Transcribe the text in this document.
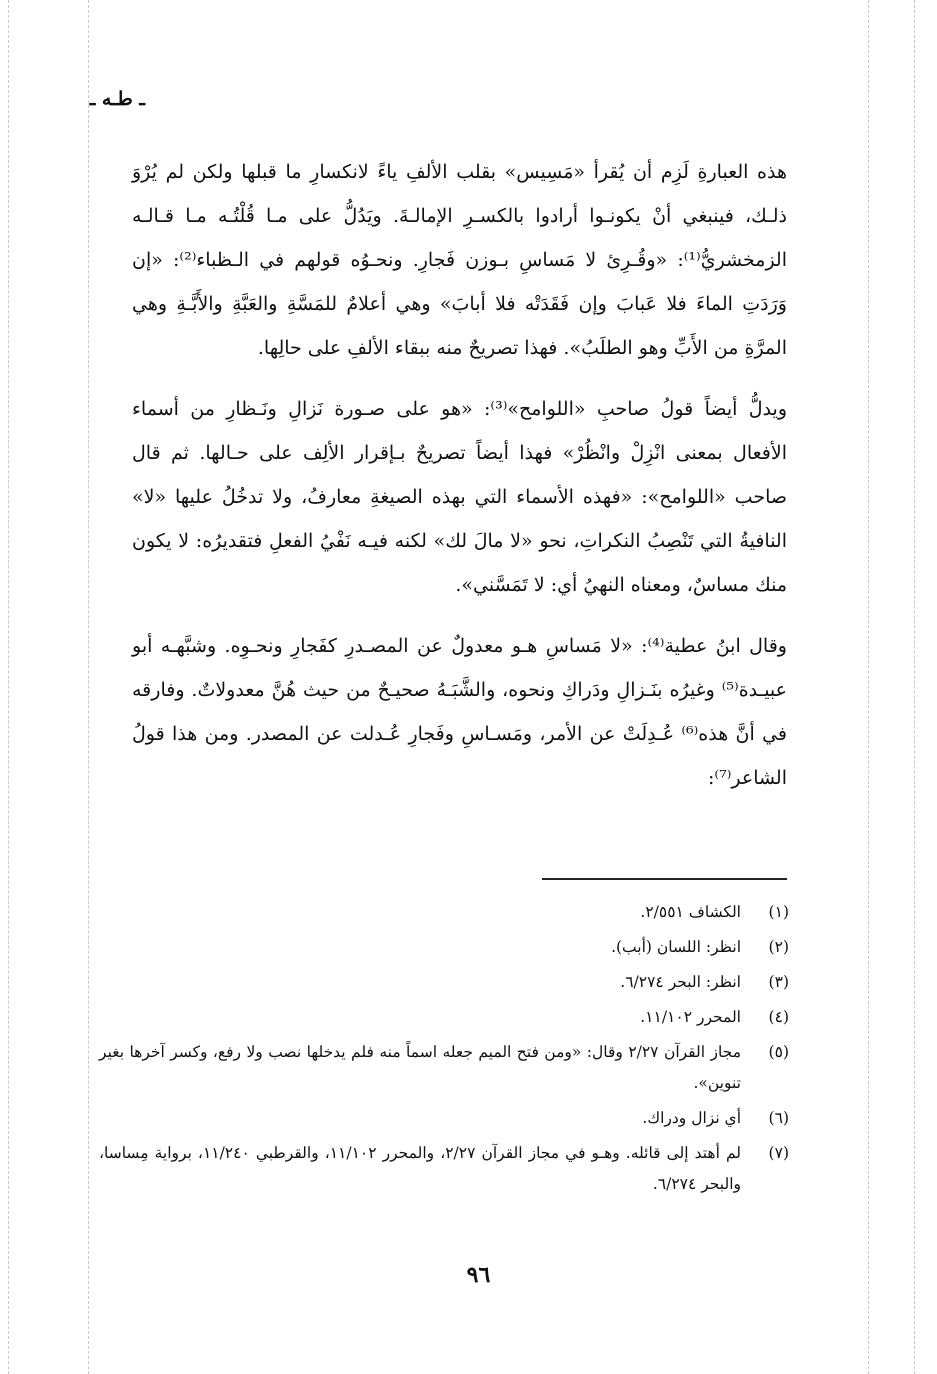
ـ طـه ـ

هذه العبارةِ لَزِم أن يُقرأ «مَسِيس» بقلب الألفِ ياءً لانكسارِ ما قبلها ولكن لم يُرْوَ ذلـك، فينبغي أنْ يكونـوا أرادوا بالكسـرِ الإمالـةَ. ويَدُلُّ على مـا قُلْتُـه مـا قـالـه الزمخشريُّ⁽¹⁾: «وقُـرِئ لا مَساسِ بـوزن فَجارِ. ونحـوُه قولهم في الـظباء⁽²⁾: «إن وَرَدَتِ الماءَ فلا عَبابَ وإن فَقَدَتْه فلا أبابَ» وهي أعلامٌ للمَسَّةِ والعَبَّةِ والأَبَّـةِ وهي المرَّةِ من الأَبِّ وهو الطلَبُ». فهذا تصريحٌ منه ببقاء الألفِ على حالِها.

ويدلُّ أيضاً قولُ صاحبِ «اللوامح»⁽³⁾: «هو على صـورة نَزالِ ونَـظارِ من أسماء الأفعال بمعنى انْزِلْ وانْظُرْ» فهذا أيضاً تصريحٌ بـإقرار الألِف على حـالها. ثم قال صاحب «اللوامح»: «فهذه الأسماء التي بهذه الصيغةِ معارفُ، ولا تدخُلُ عليها «لا» النافيةُ التي تَنْصِبُ النكراتِ، نحو «لا مالَ لك» لكنه فيـه نَفْيُ الفعلِ فتقديرُه: لا يكون منك مساسٌ، ومعناه النهيُ أي: لا تَمَسَّني».

وقال ابنُ عطية⁽⁴⁾: «لا مَساسِ هـو معدولٌ عن المصـدرِ كفَجارِ ونحـوِه. وشبَّهـه أبو عبيـدة⁽⁵⁾ وغيرُه بنَـزالِ ودَراكِ ونحوه، والشَّبَـهُ صحيـحٌ من حيث هُنَّ معدولاتٌ. وفارقه في أنَّ هذه⁽⁶⁾ عُـدِلَتْ عن الأمر، ومَسـاسِ وفَجارِ عُـدلت عن المصدر. ومن هذا قولُ الشاعر⁽⁷⁾:

(١)
الكشاف ٢/٥٥١.
(٢)
انظر: اللسان (أبب).
(٣)
انظر: البحر ٦/٢٧٤.
(٤)
المحرر ١١/١٠٢.
(٥)
مجاز القرآن ٢/٢٧ وقال: «ومن فتح الميم جعله اسماً منه فلم يدخلها نصب ولا رفع، وكسر آخرها بغير تنوين».
(٦)
أي نزال ودراك.
(٧)
لم أهتد إلى قائله. وهـو في مجاز القرآن ٢/٢٧، والمحرر ١١/١٠٢، والقرطبي ١١/٢٤٠، برواية مِساسا، والبحر ٦/٢٧٤.
٩٦
